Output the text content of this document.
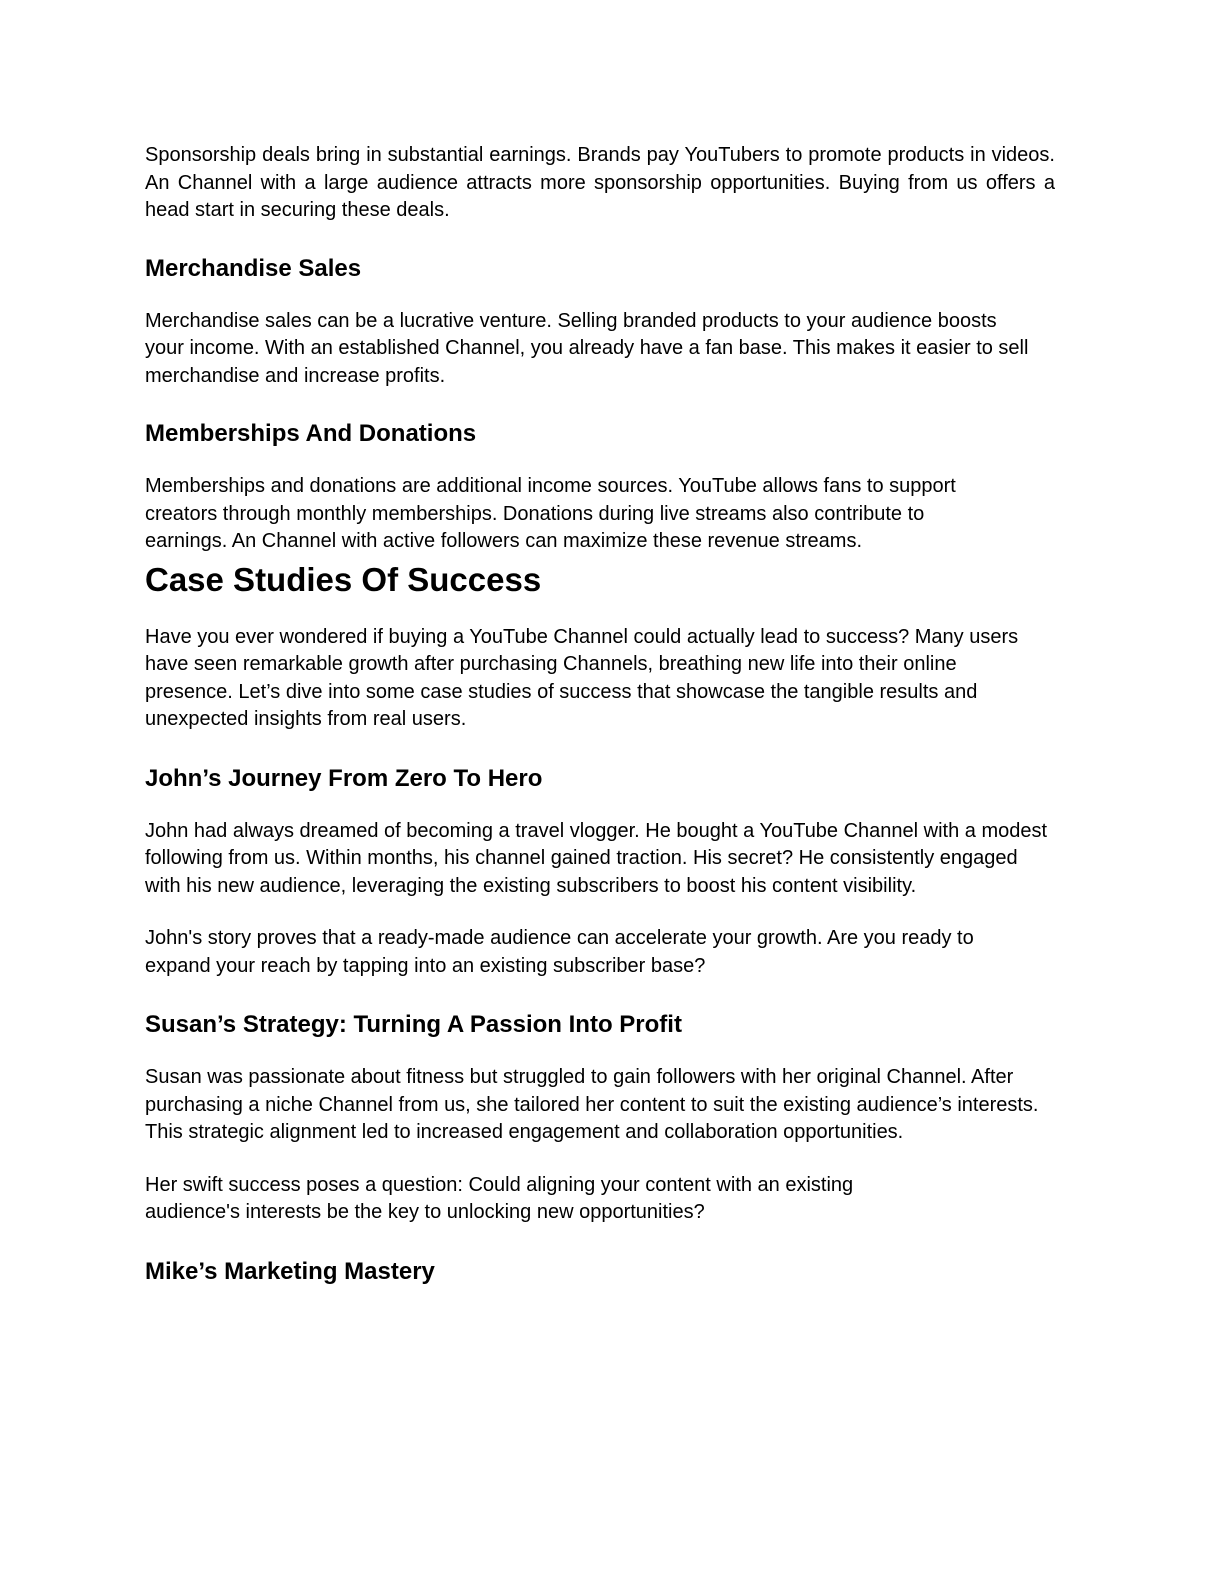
Sponsorship deals bring in substantial earnings. Brands pay YouTubers to promote products in videos. An Channel with a large audience attracts more sponsorship opportunities. Buying from us offers a head start in securing these deals.

Merchandise Sales

Merchandise sales can be a lucrative venture. Selling branded products to your audience boosts your income. With an established Channel, you already have a fan base. This makes it easier to sell merchandise and increase profits.

Memberships And Donations

Memberships and donations are additional income sources. YouTube allows fans to support creators through monthly memberships. Donations during live streams also contribute to earnings. An Channel with active followers can maximize these revenue streams.

Case Studies Of Success

Have you ever wondered if buying a YouTube Channel could actually lead to success? Many users have seen remarkable growth after purchasing Channels, breathing new life into their online presence. Let’s dive into some case studies of success that showcase the tangible results and unexpected insights from real users.

John’s Journey From Zero To Hero

John had always dreamed of becoming a travel vlogger. He bought a YouTube Channel with a modest following from us. Within months, his channel gained traction. His secret? He consistently engaged with his new audience, leveraging the existing subscribers to boost his content visibility.

John's story proves that a ready-made audience can accelerate your growth. Are you ready to expand your reach by tapping into an existing subscriber base?

Susan’s Strategy: Turning A Passion Into Profit

Susan was passionate about fitness but struggled to gain followers with her original Channel. After purchasing a niche Channel from us, she tailored her content to suit the existing audience’s interests. This strategic alignment led to increased engagement and collaboration opportunities.

Her swift success poses a question: Could aligning your content with an existing audience's interests be the key to unlocking new opportunities?

Mike’s Marketing Mastery
